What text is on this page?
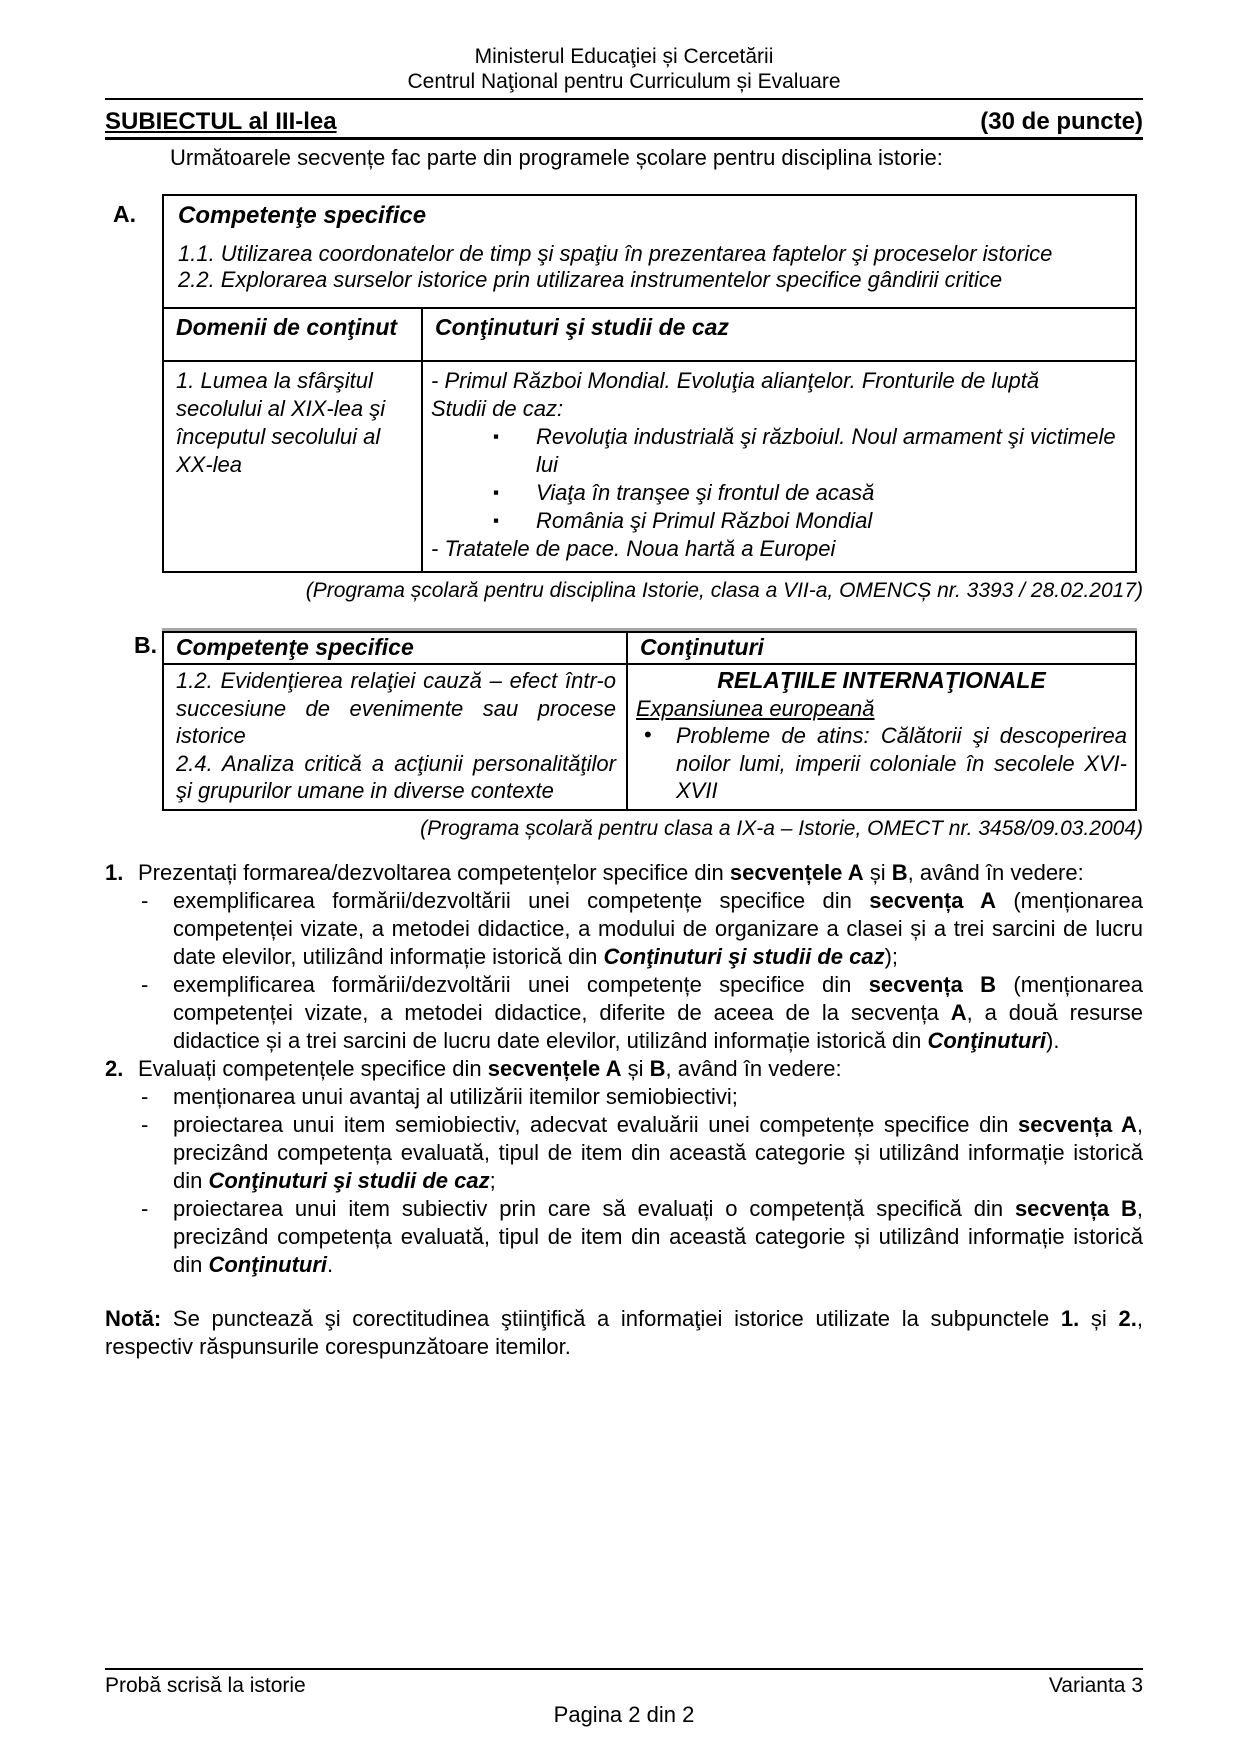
Ministerul Educaţiei și Cercetării
Centrul Naţional pentru Curriculum și Evaluare
SUBIECTUL al III-lea	(30 de puncte)
Următoarele secvențe fac parte din programele școlare pentru disciplina istorie:
A. Competenţe specifice
1.1. Utilizarea coordonatelor de timp şi spaţiu în prezentarea faptelor şi proceselor istorice
2.2. Explorarea surselor istorice prin utilizarea instrumentelor specifice gândirii critice
Domenii de conţinut	Conţinuturi şi studii de caz
1. Lumea la sfârşitul secolului al XIX-lea şi începutul secolului al XX-lea
- Primul Război Mondial. Evoluţia alianţelor. Fronturile de luptă
Studii de caz:
▪ Revoluţia industrială şi războiul. Noul armament şi victimele lui
▪ Viaţa în tranşee şi frontul de acasă
▪ România şi Primul Război Mondial
- Tratatele de pace. Noua hartă a Europei
(Programa școlară pentru disciplina Istorie, clasa a VII-a, OMENCȘ nr. 3393 / 28.02.2017)
B. Competenţe specifice	Conţinuturi
1.2. Evidenţierea relaţiei cauză – efect într-o succesiune de evenimente sau procese istorice
2.4. Analiza critică a acţiunii personalităţilor şi grupurilor umane in diverse contexte
RELAŢIILE INTERNAŢIONALE
Expansiunea europeană
• Probleme de atins: Călătorii şi descoperirea noilor lumi, imperii coloniale în secolele XVI-XVII
(Programa școlară pentru clasa a IX-a – Istorie, OMECT nr. 3458/09.03.2004)
1. Prezentați formarea/dezvoltarea competențelor specifice din secvențele A și B, având în vedere:
- exemplificarea formării/dezvoltării unei competențe specifice din secvența A (menționarea competenței vizate, a metodei didactice, a modului de organizare a clasei și a trei sarcini de lucru date elevilor, utilizând informație istorică din Conţinuturi şi studii de caz);
- exemplificarea formării/dezvoltării unei competențe specifice din secvența B (menționarea competenței vizate, a metodei didactice, diferite de aceea de la secvența A, a două resurse didactice și a trei sarcini de lucru date elevilor, utilizând informație istorică din Conţinuturi).
2. Evaluați competențele specifice din secvențele A și B, având în vedere:
- menționarea unui avantaj al utilizării itemilor semiobiectivi;
- proiectarea unui item semiobiectiv, adecvat evaluării unei competențe specifice din secvența A, precizând competența evaluată, tipul de item din această categorie și utilizând informație istorică din Conţinuturi şi studii de caz;
- proiectarea unui item subiectiv prin care să evaluați o competență specifică din secvența B, precizând competența evaluată, tipul de item din această categorie și utilizând informație istorică din Conţinuturi.
Notă: Se punctează şi corectitudinea ştiinţifică a informaţiei istorice utilizate la subpunctele 1. și 2., respectiv răspunsurile corespunzătoare itemilor.
Probă scrisă la istorie	Varianta 3
Pagina 2 din 2
